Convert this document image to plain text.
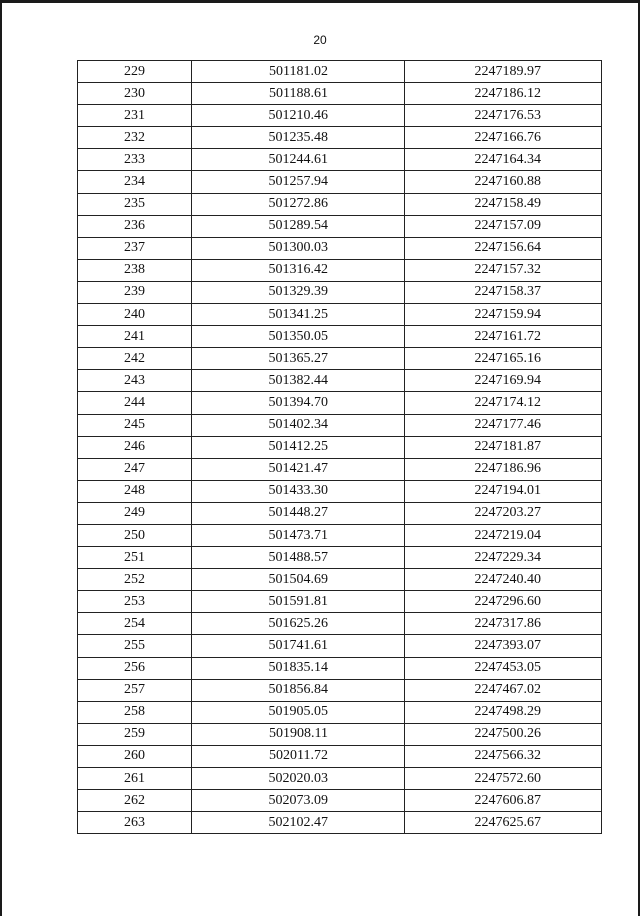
20
229	501181.02	2247189.97
230	501188.61	2247186.12
231	501210.46	2247176.53
232	501235.48	2247166.76
233	501244.61	2247164.34
234	501257.94	2247160.88
235	501272.86	2247158.49
236	501289.54	2247157.09
237	501300.03	2247156.64
238	501316.42	2247157.32
239	501329.39	2247158.37
240	501341.25	2247159.94
241	501350.05	2247161.72
242	501365.27	2247165.16
243	501382.44	2247169.94
244	501394.70	2247174.12
245	501402.34	2247177.46
246	501412.25	2247181.87
247	501421.47	2247186.96
248	501433.30	2247194.01
249	501448.27	2247203.27
250	501473.71	2247219.04
251	501488.57	2247229.34
252	501504.69	2247240.40
253	501591.81	2247296.60
254	501625.26	2247317.86
255	501741.61	2247393.07
256	501835.14	2247453.05
257	501856.84	2247467.02
258	501905.05	2247498.29
259	501908.11	2247500.26
260	502011.72	2247566.32
261	502020.03	2247572.60
262	502073.09	2247606.87
263	502102.47	2247625.67
